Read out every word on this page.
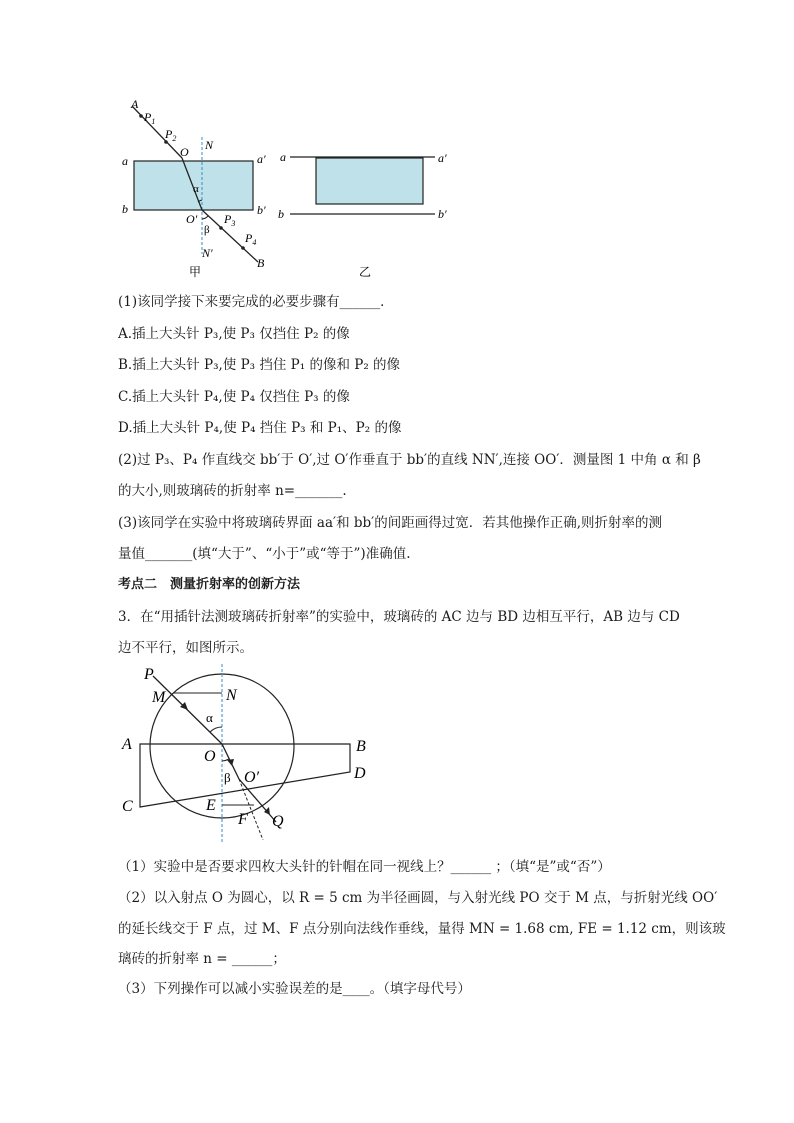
A
$P_1$
$P_2$
O N
a	a′
α
b	b′
O′ $P_3$
β
$P_4$
N′
B
甲
a	a′
b	b′
乙
(1)该同学接下来要完成的必要步骤有______．
A.插上大头针 P₃,使 P₃ 仅挡住 P₂ 的像
B.插上大头针 P₃,使 P₃ 挡住 P₁ 的像和 P₂ 的像
C.插上大头针 P₄,使 P₄ 仅挡住 P₃ 的像
D.插上大头针 P₄,使 P₄ 挡住 P₃ 和 P₁、P₂ 的像
(2)过 P₃、P₄ 作直线交 bb′于 O′,过 O′作垂直于 bb′的直线 NN′,连接 OO′．测量图 1 中角 α 和 β
的大小,则玻璃砖的折射率 n=_______.
(3)该同学在实验中将玻璃砖界面 aa′和 bb′的间距画得过宽．若其他操作正确,则折射率的测
量值_______(填“大于”、“小于”或“等于”)准确值.
考点二　测量折射率的创新方法
3．在“用插针法测玻璃砖折射率”的实验中，玻璃砖的 AC 边与 BD 边相互平行，AB 边与 CD
边不平行，如图所示。
P
M	N
α
A
O
B
β O′	D
C	E
F Q
（1）实验中是否要求四枚大头针的针帽在同一视线上？______ ；（填“是”或“否”）
（2）以入射点 O 为圆心，以 R = 5 cm 为半径画圆，与入射光线 PO 交于 M 点，与折射光线 OO′
的延长线交于 F 点，过 M、F 点分别向法线作垂线，量得 MN = 1.68 cm, FE = 1.12 cm，则该玻
璃砖的折射率 n = ______；
（3）下列操作可以减小实验误差的是____。（填字母代号）
